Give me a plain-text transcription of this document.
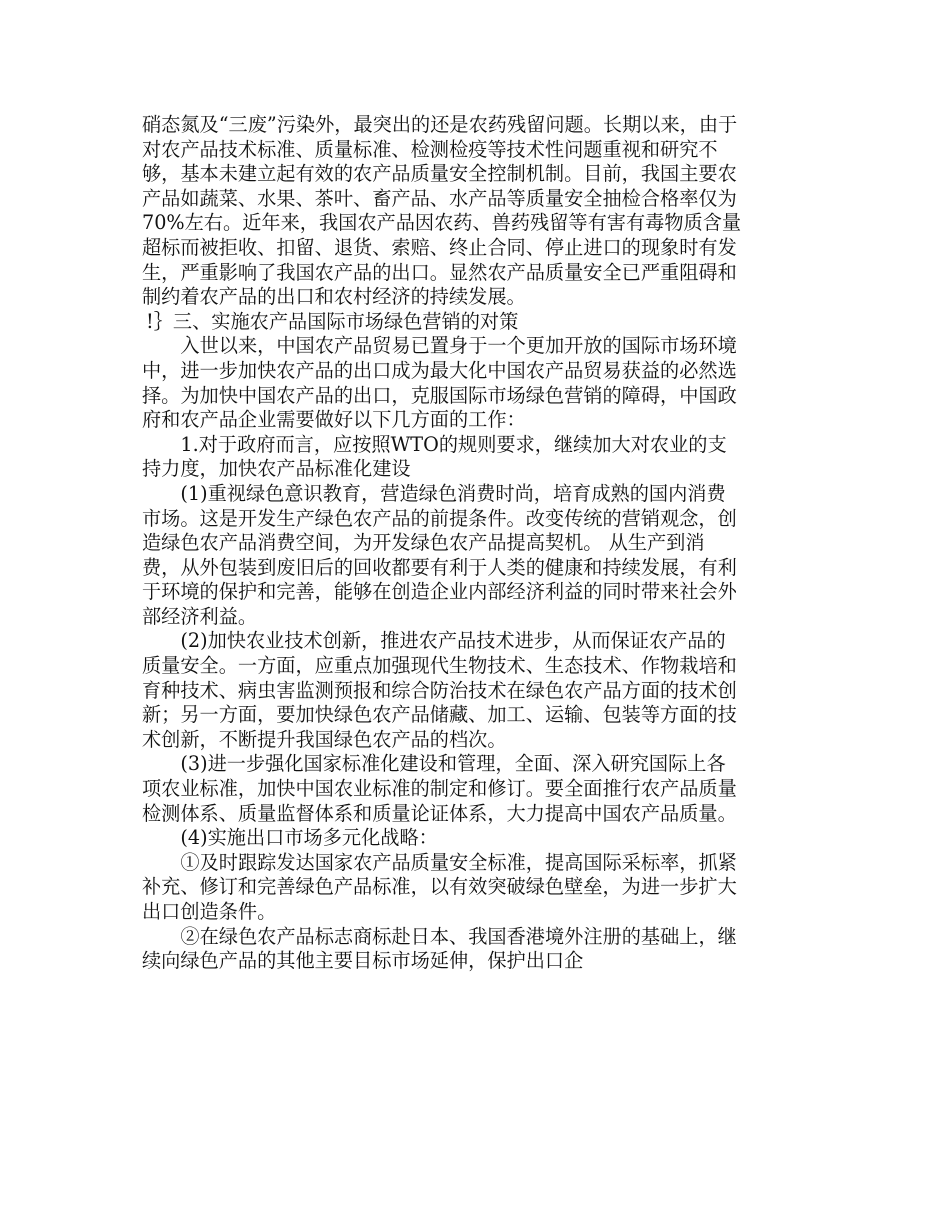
硝态氮及“三废”污染外，最突出的还是农药残留问题。长期以来，由于对农产品技术标准、质量标准、检测检疫等技术性问题重视和研究不够，基本未建立起有效的农产品质量安全控制机制。目前，我国主要农产品如蔬菜、水果、茶叶、畜产品、水产品等质量安全抽检合格率仅为70%左右。近年来，我国农产品因农药、兽药残留等有害有毒物质含量超标而被拒收、扣留、退货、索赔、终止合同、停止进口的现象时有发生，严重影响了我国农产品的出口。显然农产品质量安全已严重阻碍和制约着农产品的出口和农村经济的持续发展。

!｝三、实施农产品国际市场绿色营销的对策

入世以来，中国农产品贸易已置身于一个更加开放的国际市场环境中，进一步加快农产品的出口成为最大化中国农产品贸易获益的必然选择。为加快中国农产品的出口，克服国际市场绿色营销的障碍，中国政府和农产品企业需要做好以下几方面的工作：

1.对于政府而言，应按照WTO的规则要求，继续加大对农业的支持力度，加快农产品标准化建设

(1)重视绿色意识教育，营造绿色消费时尚，培育成熟的国内消费市场。这是开发生产绿色农产品的前提条件。改变传统的营销观念，创造绿色农产品消费空间，为开发绿色农产品提高契机。 从生产到消费，从外包装到废旧后的回收都要有利于人类的健康和持续发展，有利于环境的保护和完善，能够在创造企业内部经济利益的同时带来社会外部经济利益。

(2)加快农业技术创新，推进农产品技术进步，从而保证农产品的质量安全。一方面，应重点加强现代生物技术、生态技术、作物栽培和育种技术、病虫害监测预报和综合防治技术在绿色农产品方面的技术创新；另一方面，要加快绿色农产品储藏、加工、运输、包装等方面的技术创新，不断提升我国绿色农产品的档次。

(3)进一步强化国家标准化建设和管理，全面、深入研究国际上各项农业标准，加快中国农业标准的制定和修订。要全面推行农产品质量检测体系、质量监督体系和质量论证体系，大力提高中国农产品质量。

(4)实施出口市场多元化战略：

①及时跟踪发达国家农产品质量安全标准，提高国际采标率，抓紧补充、修订和完善绿色产品标准，以有效突破绿色壁垒，为进一步扩大出口创造条件。

②在绿色农产品标志商标赴日本、我国香港境外注册的基础上，继续向绿色产品的其他主要目标市场延伸，保护出口企
